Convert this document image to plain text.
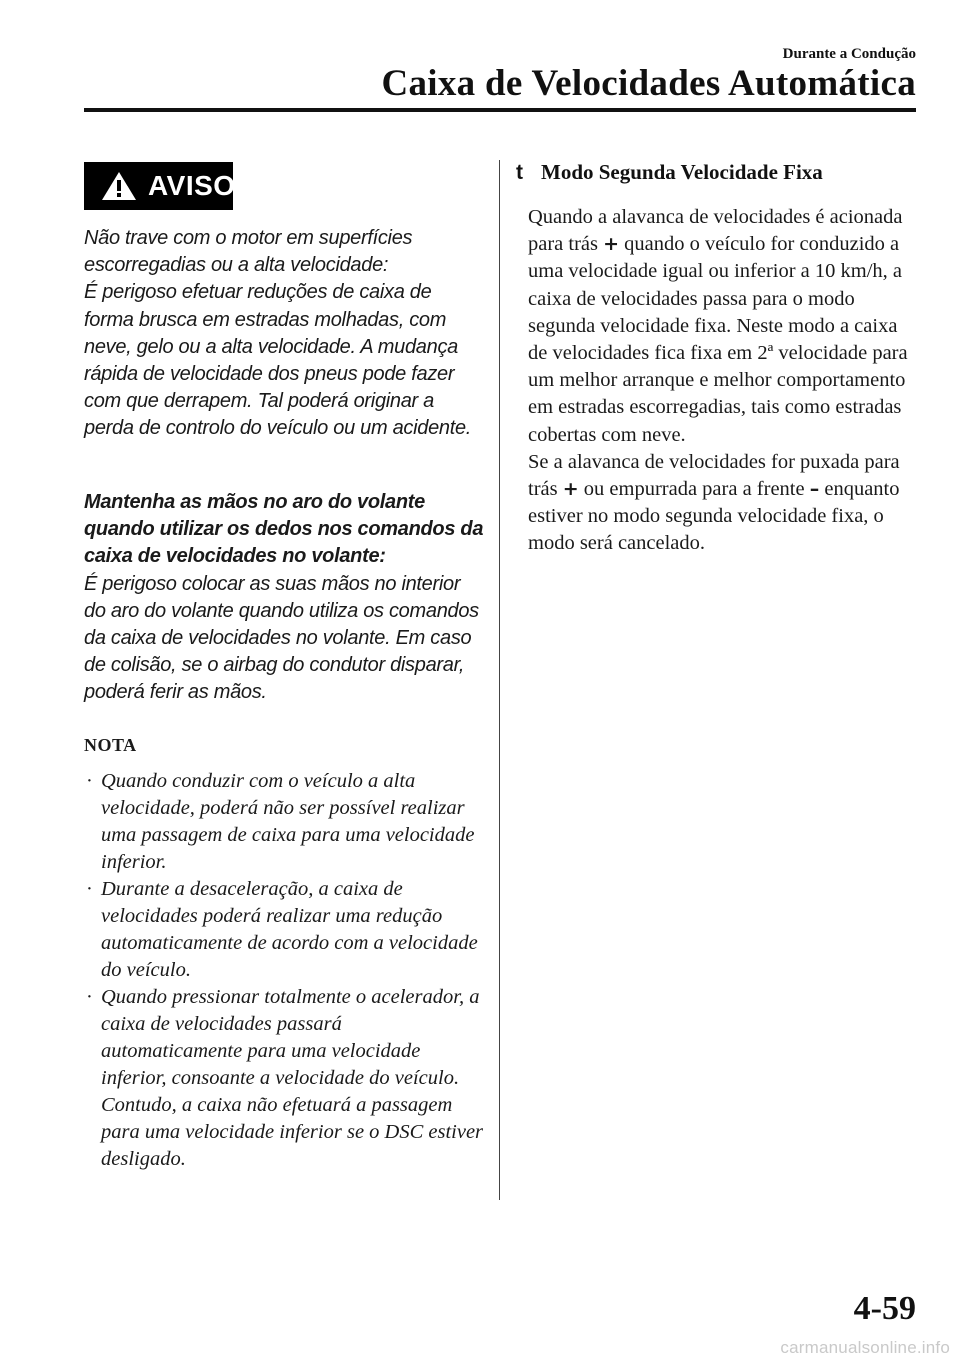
Durante a Condução
Caixa de Velocidades Automática
AVISO

Não trave com o motor em superfícies escorregadias ou a alta velocidade:

É perigoso efetuar reduções de caixa de forma brusca em estradas molhadas, com neve, gelo ou a alta velocidade. A mudança rápida de velocidade dos pneus pode fazer com que derrapem. Tal poderá originar a perda de controlo do veículo ou um acidente.

Mantenha as mãos no aro do volante quando utilizar os dedos nos comandos da caixa de velocidades no volante:

É perigoso colocar as suas mãos no interior do aro do volante quando utiliza os comandos da caixa de velocidades no volante. Em caso de colisão, se o airbag do condutor disparar, poderá ferir as mãos.

NOTA
· Quando conduzir com o veículo a alta velocidade, poderá não ser possível realizar uma passagem de caixa para uma velocidade inferior.
· Durante a desaceleração, a caixa de velocidades poderá realizar uma redução automaticamente de acordo com a velocidade do veículo.
· Quando pressionar totalmente o acelerador, a caixa de velocidades passará automaticamente para uma velocidade inferior, consoante a velocidade do veículo. Contudo, a caixa não efetuará a passagem para uma velocidade inferior se o DSC estiver desligado.
t Modo Segunda Velocidade Fixa

Quando a alavanca de velocidades é acionada para trás + quando o veículo for conduzido a uma velocidade igual ou inferior a 10 km/h, a caixa de velocidades passa para o modo segunda velocidade fixa. Neste modo a caixa de velocidades fica fixa em 2ª velocidade para um melhor arranque e melhor comportamento em estradas escorregadias, tais como estradas cobertas com neve.

Se a alavanca de velocidades for puxada para trás + ou empurrada para a frente – enquanto estiver no modo segunda velocidade fixa, o modo será cancelado.

4-59
carmanualsonline.info
